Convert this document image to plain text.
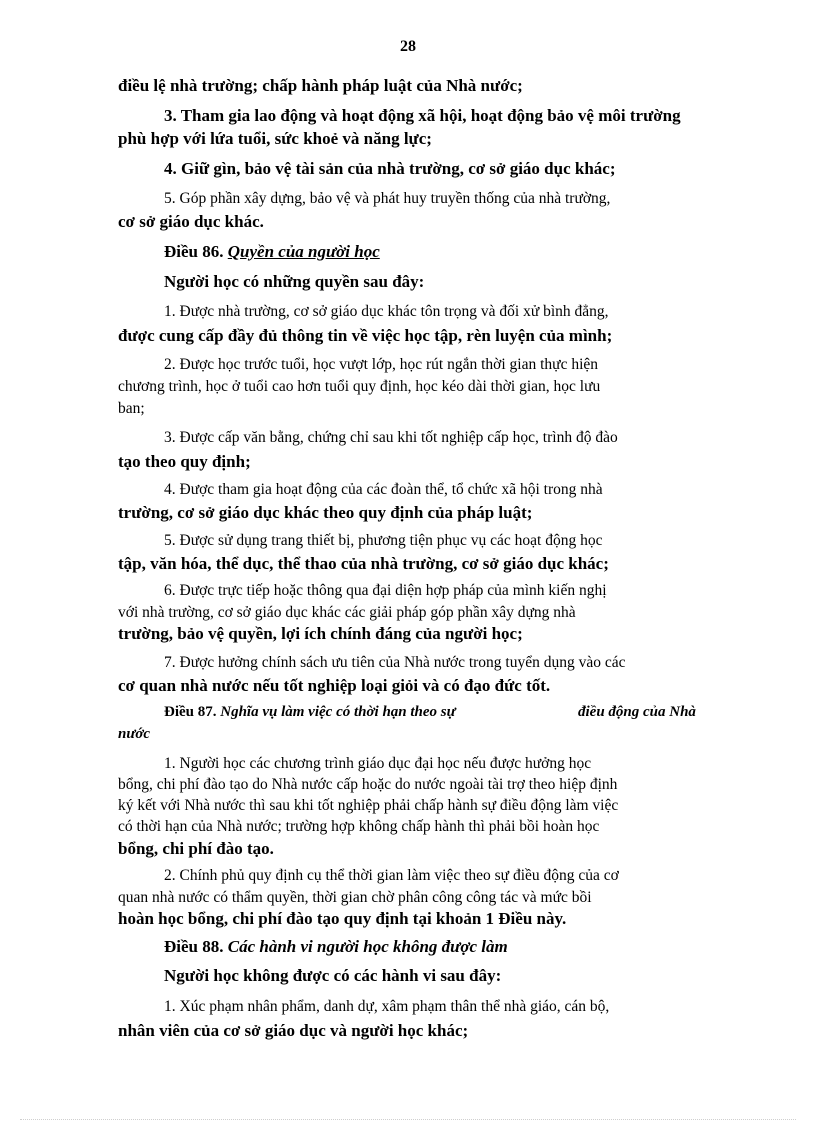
28
điều lệ nhà trường; chấp hành pháp luật của Nhà nước;
3. Tham gia lao động và hoạt động xã hội, hoạt động bảo vệ môi trường
phù hợp với lứa tuổi, sức khoẻ và năng lực;
4. Giữ gìn, bảo vệ tài sản của nhà trường, cơ sở giáo dục khác;
5. Góp phần xây dựng, bảo vệ và phát huy truyền thống của nhà trường,
cơ sở giáo dục khác.
Điều 86. Quyền của người học
Người học có những quyền sau đây:
1. Được nhà trường, cơ sở giáo dục khác tôn trọng và đối xử bình đẳng,
được cung cấp đầy đủ thông tin về việc học tập, rèn luyện của mình;
2. Được học trước tuổi, học vượt lớp, học rút ngắn thời gian thực hiện
chương trình, học ở tuổi cao hơn tuổi quy định, học kéo dài thời gian, học lưu
ban;
3. Được cấp văn bằng, chứng chỉ sau khi tốt nghiệp cấp học, trình độ đào
tạo theo quy định;
4. Được tham gia hoạt động của các đoàn thể, tổ chức xã hội trong nhà
trường, cơ sở giáo dục khác theo quy định của pháp luật;
5. Được sử dụng trang thiết bị, phương tiện phục vụ các hoạt động học
tập, văn hóa, thể dục, thể thao của nhà trường, cơ sở giáo dục khác;
6. Được trực tiếp hoặc thông qua đại diện hợp pháp của mình kiến nghị
với nhà trường, cơ sở giáo dục khác các giải pháp góp phần xây dựng nhà
trường, bảo vệ quyền, lợi ích chính đáng của người học;
7. Được hưởng chính sách ưu tiên của Nhà nước trong tuyển dụng vào các
cơ quan nhà nước nếu tốt nghiệp loại giỏi và có đạo đức tốt.
Điều 87. Nghĩa vụ làm việc có thời hạn theo sự	điều động của Nhà
nước
1. Người học các chương trình giáo dục đại học nếu được hưởng học
bổng, chi phí đào tạo do Nhà nước cấp hoặc do nước ngoài tài trợ theo hiệp định
ký kết với Nhà nước thì sau khi tốt nghiệp phải chấp hành sự điều động làm việc
có thời hạn của Nhà nước; trường hợp không chấp hành thì phải bồi hoàn học
bổng, chi phí đào tạo.
2. Chính phủ quy định cụ thể thời gian làm việc theo sự điều động của cơ
quan nhà nước có thẩm quyền, thời gian chờ phân công công tác và mức bồi
hoàn học bổng, chi phí đào tạo quy định tại khoản 1 Điều này.
Điều 88. Các hành vi người học không được làm
Người học không được có các hành vi sau đây:
1. Xúc phạm nhân phẩm, danh dự, xâm phạm thân thể nhà giáo, cán bộ,
nhân viên của cơ sở giáo dục và người học khác;
